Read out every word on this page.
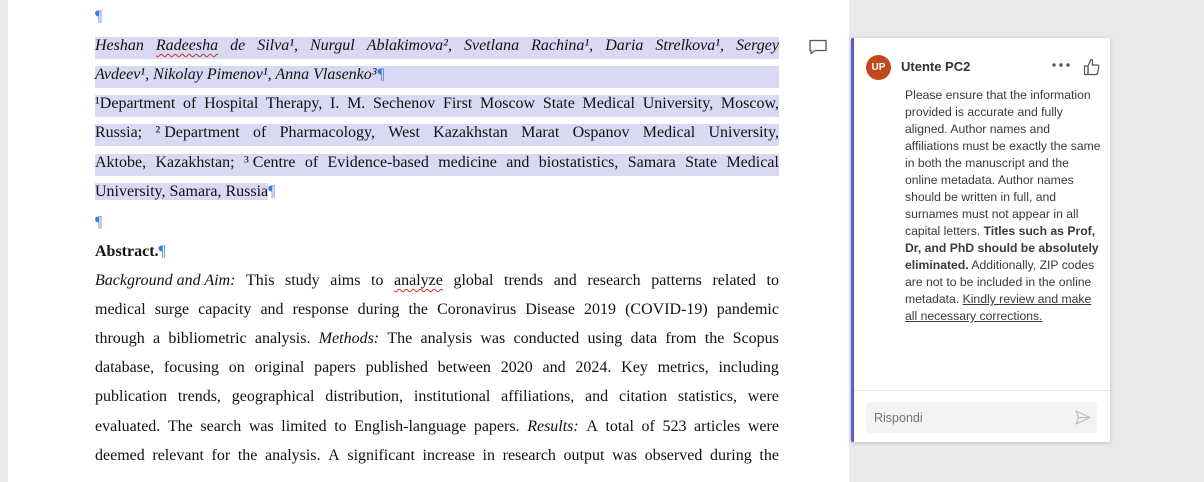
¶
Heshan Radeesha de Silva¹, Nurgul Ablakimova², Svetlana Rachina¹, Daria Strelkova¹, Sergey
Avdeev¹, Nikolay Pimenov¹, Anna Vlasenko³¶
¹Department of Hospital Therapy, I. M. Sechenov First Moscow State Medical University, Moscow,
Russia; ² Department of Pharmacology, West Kazakhstan Marat Ospanov Medical University,
Aktobe, Kazakhstan; ³ Centre of Evidence-based medicine and biostatistics, Samara State Medical
University, Samara, Russia¶
¶
Abstract.¶
Background and Aim: This study aims to analyze global trends and research patterns related to
medical surge capacity and response during the Coronavirus Disease 2019 (COVID-19) pandemic
through a bibliometric analysis. Methods: The analysis was conducted using data from the Scopus
database, focusing on original papers published between 2020 and 2024. Key metrics, including
publication trends, geographical distribution, institutional affiliations, and citation statistics, were
evaluated. The search was limited to English-language papers. Results: A total of 523 articles were
deemed relevant for the analysis. A significant increase in research output was observed during the
UP	Utente PC2
Please ensure that the information provided is accurate and fully aligned. Author names and affiliations must be exactly the same in both the manuscript and the online metadata. Author names should be written in full, and surnames must not appear in all capital letters. Titles such as Prof, Dr, and PhD should be absolutely eliminated. Additionally, ZIP codes are not to be included in the online metadata. Kindly review and make all necessary corrections.
Rispondi
